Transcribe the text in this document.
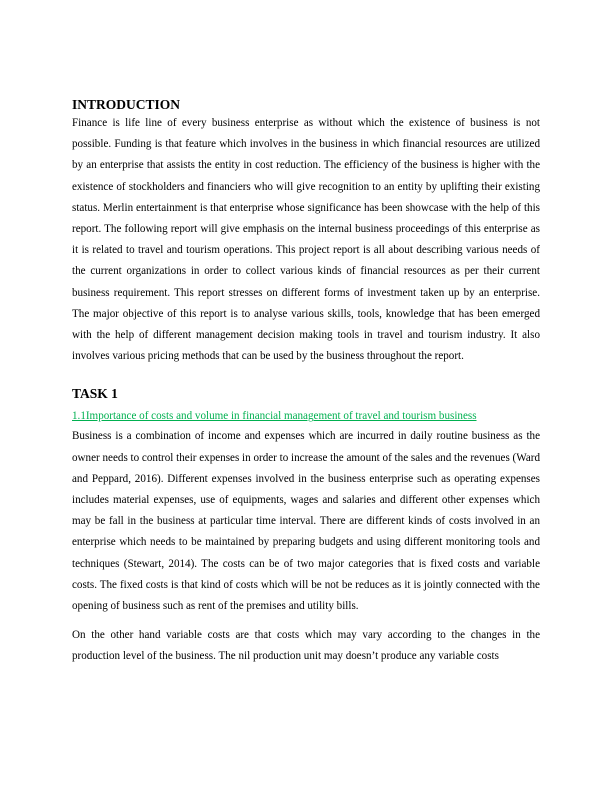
INTRODUCTION

Finance is life line of every business enterprise as without which the existence of business is not possible. Funding is that feature which involves in the business in which financial resources are utilized by an enterprise that assists the entity in cost reduction. The efficiency of the business is higher with the existence of stockholders and financiers who will give recognition to an entity by uplifting their existing status. Merlin entertainment is that enterprise whose significance has been showcase with the help of this report. The following report will give emphasis on the internal business proceedings of this enterprise as it is related to travel and tourism operations. This project report is all about describing various needs of the current organizations in order to collect various kinds of financial resources as per their current business requirement. This report stresses on different forms of investment taken up by an enterprise. The major objective of this report is to analyse various skills, tools, knowledge that has been emerged with the help of different management decision making tools in travel and tourism industry. It also involves various pricing methods that can be used by the business throughout the report.

TASK 1
1.1Importance of costs and volume in financial management of travel and tourism business

Business is a combination of income and expenses which are incurred in daily routine business as the owner needs to control their expenses in order to increase the amount of the sales and the revenues (Ward and Peppard, 2016). Different expenses involved in the business enterprise such as operating expenses includes material expenses, use of equipments, wages and salaries and different other expenses which may be fall in the business at particular time interval. There are different kinds of costs involved in an enterprise which needs to be maintained by preparing budgets and using different monitoring tools and techniques (Stewart, 2014). The costs can be of two major categories that is fixed costs and variable costs. The fixed costs is that kind of costs which will be not be reduces as it is jointly connected with the opening of business such as rent of the premises and utility bills.

On the other hand variable costs are that costs which may vary according to the changes in the production level of the business. The nil production unit may doesn’t produce any variable costs
